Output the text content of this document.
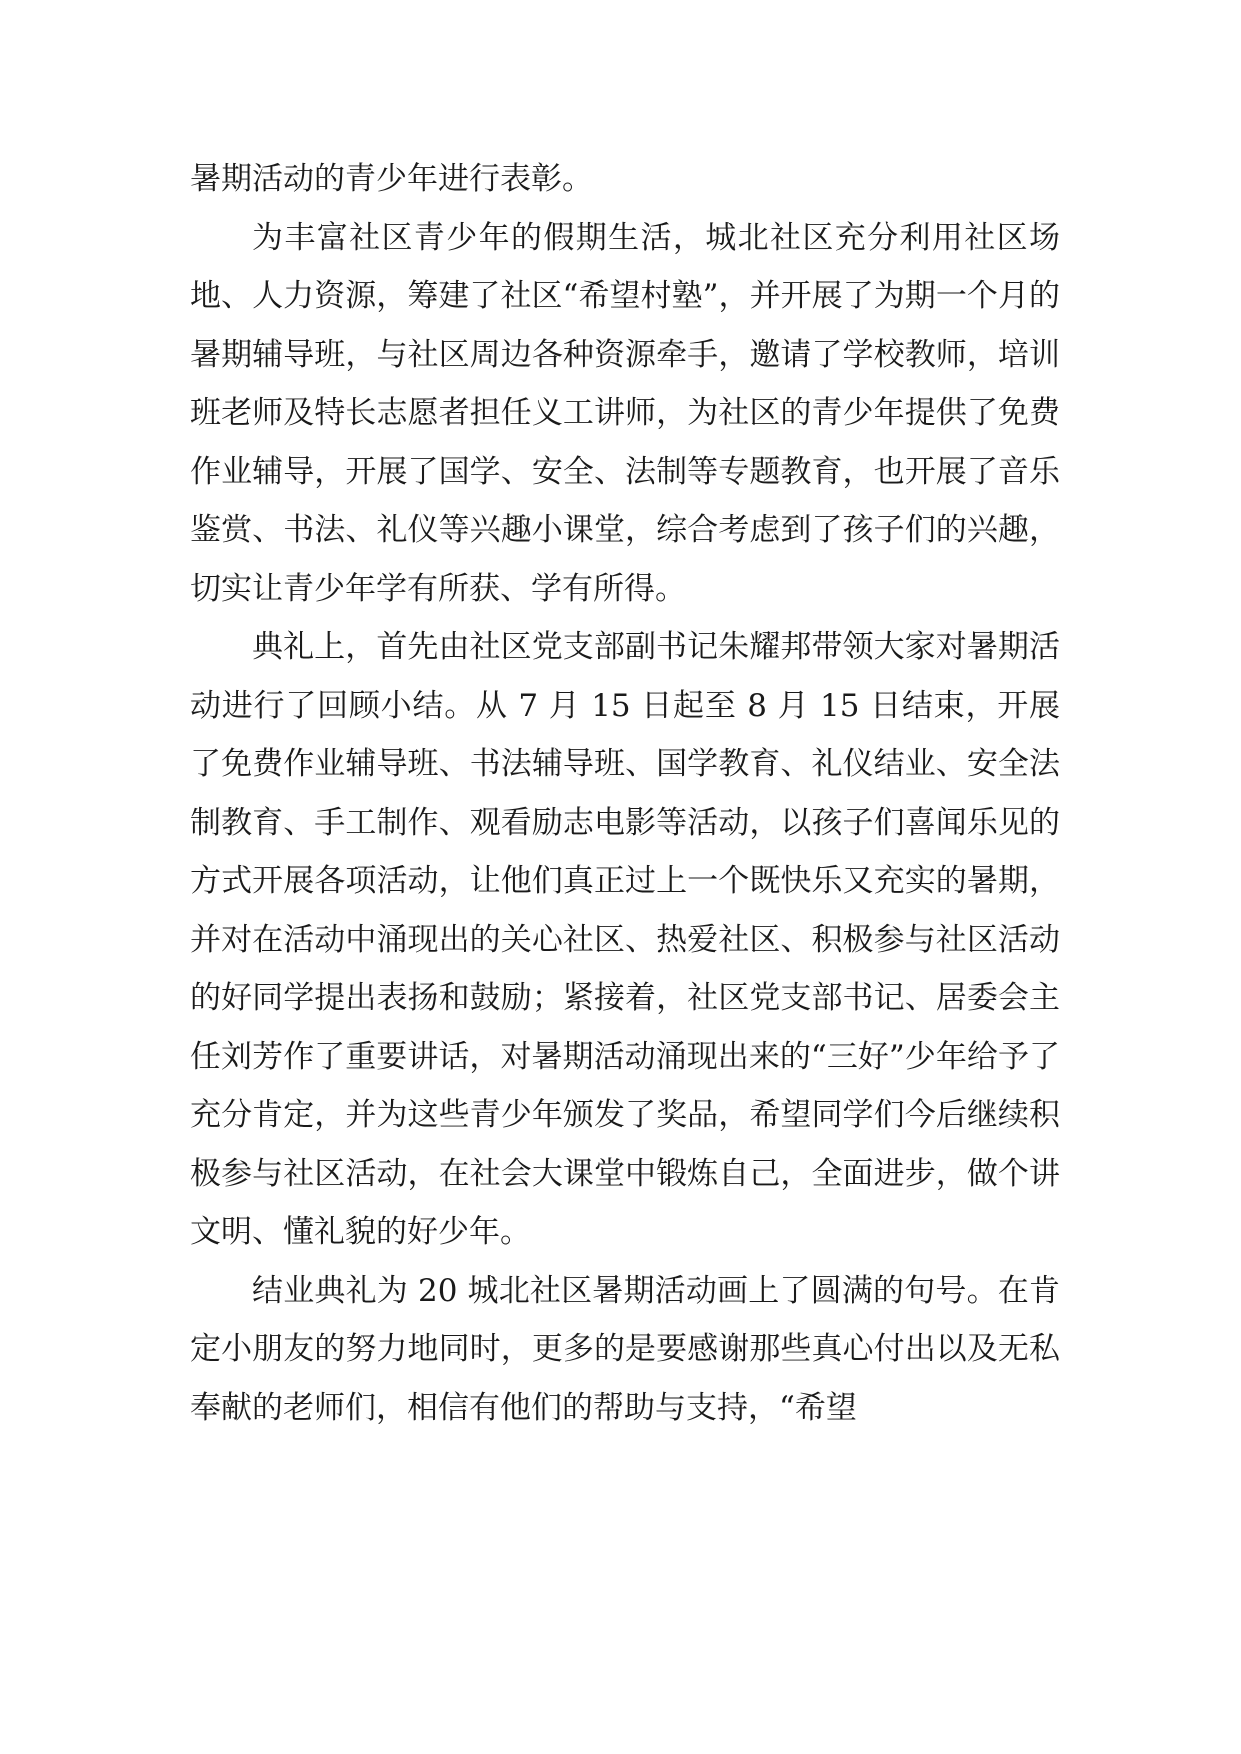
暑期活动的青少年进行表彰。

为丰富社区青少年的假期生活，城北社区充分利用社区场地、人力资源，筹建了社区“希望村塾”，并开展了为期一个月的暑期辅导班，与社区周边各种资源牵手，邀请了学校教师，培训班老师及特长志愿者担任义工讲师，为社区的青少年提供了免费作业辅导，开展了国学、安全、法制等专题教育，也开展了音乐鉴赏、书法、礼仪等兴趣小课堂，综合考虑到了孩子们的兴趣，切实让青少年学有所获、学有所得。

典礼上，首先由社区党支部副书记朱耀邦带领大家对暑期活动进行了回顾小结。从 7 月 15 日起至 8 月 15 日结束，开展了免费作业辅导班、书法辅导班、国学教育、礼仪结业、安全法制教育、手工制作、观看励志电影等活动，以孩子们喜闻乐见的方式开展各项活动，让他们真正过上一个既快乐又充实的暑期，并对在活动中涌现出的关心社区、热爱社区、积极参与社区活动的好同学提出表扬和鼓励；紧接着，社区党支部书记、居委会主任刘芳作了重要讲话，对暑期活动涌现出来的“三好”少年给予了充分肯定，并为这些青少年颁发了奖品，希望同学们今后继续积极参与社区活动，在社会大课堂中锻炼自己，全面进步，做个讲文明、懂礼貌的好少年。

结业典礼为 20 城北社区暑期活动画上了圆满的句号。在肯定小朋友的努力地同时，更多的是要感谢那些真心付出以及无私奉献的老师们，相信有他们的帮助与支持，“希望
